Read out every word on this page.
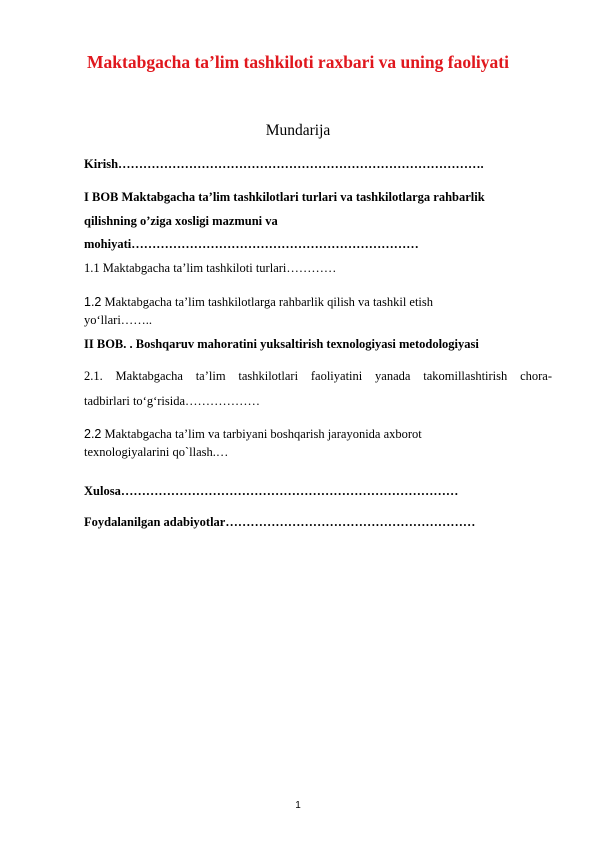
Maktabgacha ta’lim tashkiloti raxbari va uning faoliyati
Mundarija
Kirish…………………………………………………………………………….
I BOB Maktabgacha ta’lim tashkilotlari turlari va tashkilotlarga rahbarlik
qilishning o’ziga xosligi mazmuni va
mohiyati……………………………………………………………
1.1 Maktabgacha ta’lim tashkiloti turlari…………
1.2 Maktabgacha ta’lim tashkilotlarga rahbarlik qilish va tashkil etish
yo‘llari……..
II BOB. . Boshqaruv mahoratini yuksaltirish texnologiyasi metodologiyasi
2.1. Maktabgacha ta’lim tashkilotlari faoliyatini yanada takomillashtirish chora-
tadbirlari to‘g‘risida………………
2.2 Maktabgacha ta’lim va tarbiyani boshqarish jarayonida axborot
texnologiyalarini qo`llash.…
Xulosa………………………………………………………………………
Foydalanilgan adabiyotlar……………………………………………………
1
